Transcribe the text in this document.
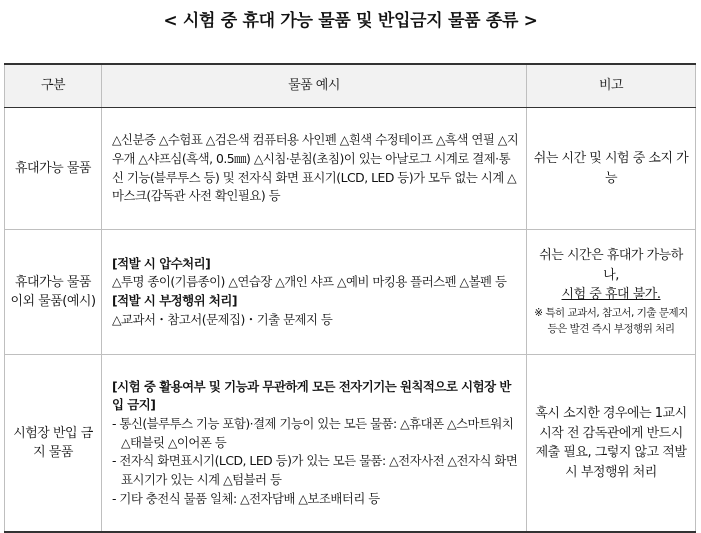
< 시험 중 휴대 가능 물품 및 반입금지 물품 종류 >
구분	물품 예시	비고
휴대가능 물품	△신분증 △수험표 △검은색 컴퓨터용 사인펜 △흰색 수정테이프 △흑색 연필 △지우개 △샤프심(흑색, 0.5㎜) △시침·분침(초침)이 있는 아날로그 시계로 결제·통신 기능(블루투스 등) 및 전자식 화면 표시기(LCD, LED 등)가 모두 없는 시계 △마스크(감독관 사전 확인필요) 등	쉬는 시간 및 시험 중 소지 가능

휴대가능 물품 이외 물품(예시)	[적발 시 압수처리]
△투명 종이(기름종이) △연습장 △개인 샤프 △예비 마킹용 플러스펜 △볼펜 등
[적발 시 부정행위 처리]
△교과서・참고서(문제집)・기출 문제지 등	쉬는 시간은 휴대가 가능하나,
시험 중 휴대 불가.
※ 특히 교과서, 참고서, 기출 문제지 등은 발견 즉시 부정행위 처리

시험장 반입 금지 물품	[시험 중 활용여부 및 기능과 무관하게 모든 전자기기는 원칙적으로 시험장 반입 금지]
- 통신(블루투스 기능 포함)·결제 기능이 있는 모든 물품: △휴대폰 △스마트워치 △태블릿 △이어폰 등
- 전자식 화면표시기(LCD, LED 등)가 있는 모든 물품: △전자사전 △전자식 화면표시기가 있는 시계 △텀블러 등
- 기타 충전식 물품 일체: △전자담배 △보조배터리 등	혹시 소지한 경우에는 1교시 시작 전 감독관에게 반드시 제출 필요, 그렇지 않고 적발 시 부정행위 처리
